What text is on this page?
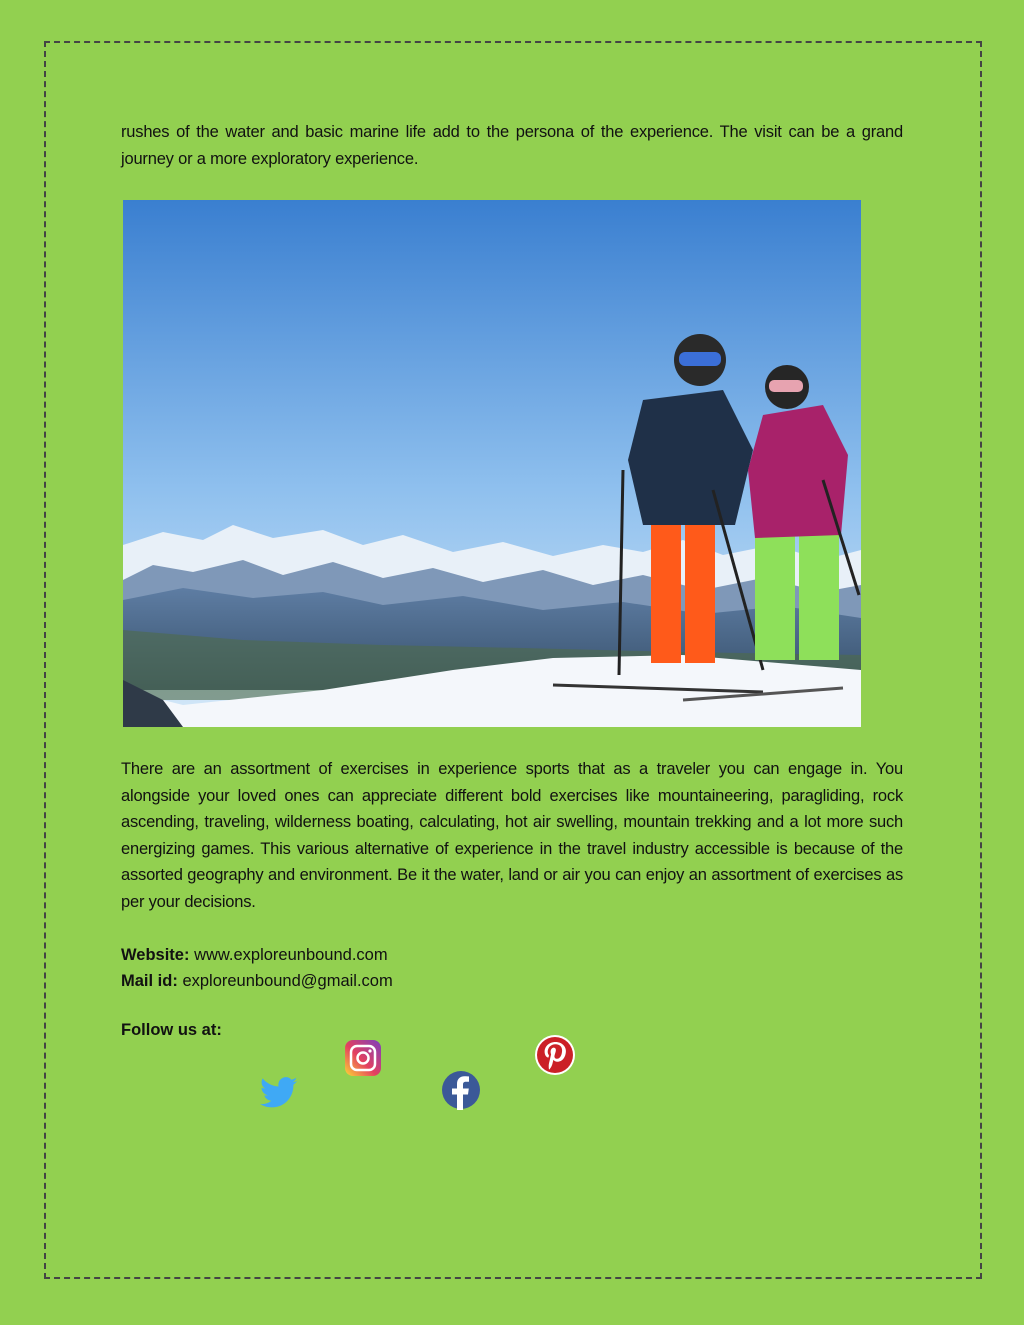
rushes of the water and basic marine life add to the persona of the experience. The visit can be a grand journey or a more exploratory experience.

There are an assortment of exercises in experience sports that as a traveler you can engage in. You alongside your loved ones can appreciate different bold exercises like mountaineering, paragliding, rock ascending, traveling, wilderness boating, calculating, hot air swelling, mountain trekking and a lot more such energizing games. This various alternative of experience in the travel industry accessible is because of the assorted geography and environment. Be it the water, land or air you can enjoy an assortment of exercises as per your decisions.

Website: www.exploreunbound.com
Mail id: exploreunbound@gmail.com
Follow us at:
